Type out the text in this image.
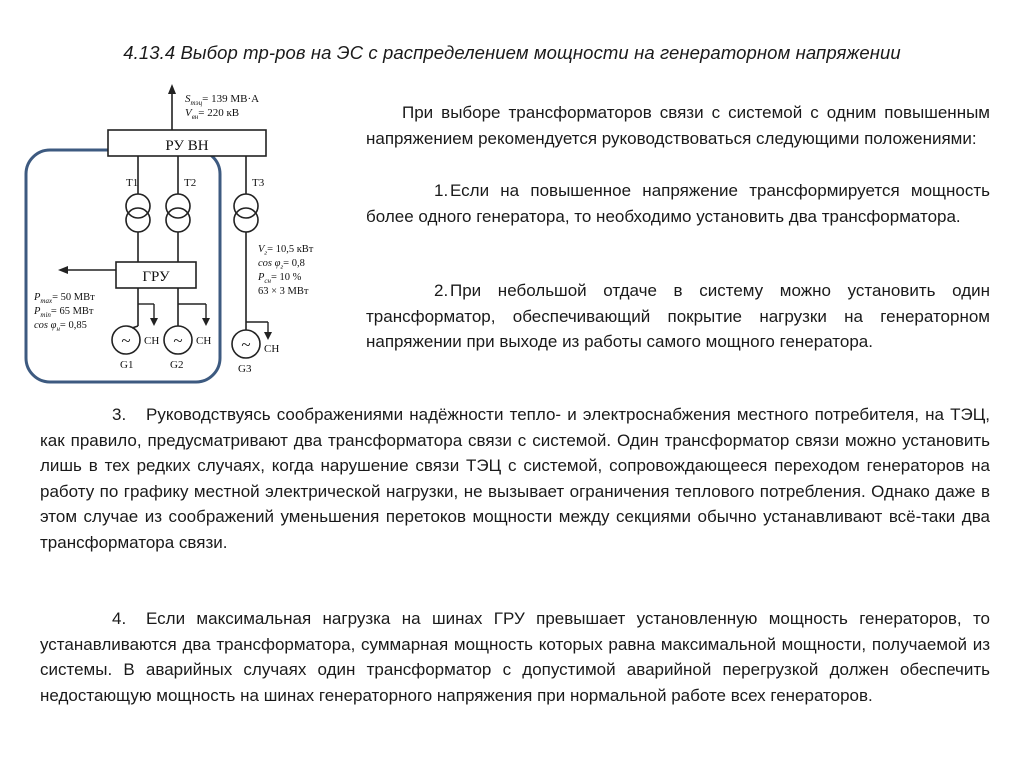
4.13.4 Выбор тр-ров на ЭС с распределением мощности на генераторном напряжении
$S_{тэц}= 139$ МВ·А
$V_{вн}= 220$ кВ
РУ ВН
T1	T2	T3
ГРУ
$P_{max}= 50$ МВт
$P_{min}= 65$ МВт
$\cos \varphi_н= 0,85$
$V_г= 10,5$ кВт
$\cos \varphi_г= 0,8$
$P_{сн}= 10$ %
63 × 3 МВт
~	~	~
СН	СН
СН
G1	G2	G3
При выборе трансформаторов связи с системой с одним повышенным напряжением рекомендуется руководствоваться следующими положениями:
1. Если на повышенное напряжение трансформируется мощность более одного генератора, то необходимо установить два трансформатора.
2. При небольшой отдаче в систему можно установить один трансформатор, обеспечивающий покрытие нагрузки на генераторном напряжении при выходе из работы самого мощного генератора.
3. Руководствуясь соображениями надёжности тепло- и электроснабжения местного потребителя, на ТЭЦ, как правило, предусматривают два трансформатора связи с системой. Один трансформатор связи можно установить лишь в тех редких случаях, когда нарушение связи ТЭЦ с системой, сопровождающееся переходом генераторов на работу по графику местной электрической нагрузки, не вызывает ограничения теплового потребления. Однако даже в этом случае из соображений уменьшения перетоков мощности между секциями обычно устанавливают всё-таки два трансформатора связи.
4. Если максимальная нагрузка на шинах ГРУ превышает установленную мощность генераторов, то устанавливаются два трансформатора, суммарная мощность которых равна максимальной мощности, получаемой из системы. В аварийных случаях один трансформатор с допустимой аварийной перегрузкой должен обеспечить недостающую мощность на шинах генераторного напряжения при нормальной работе всех генераторов.
